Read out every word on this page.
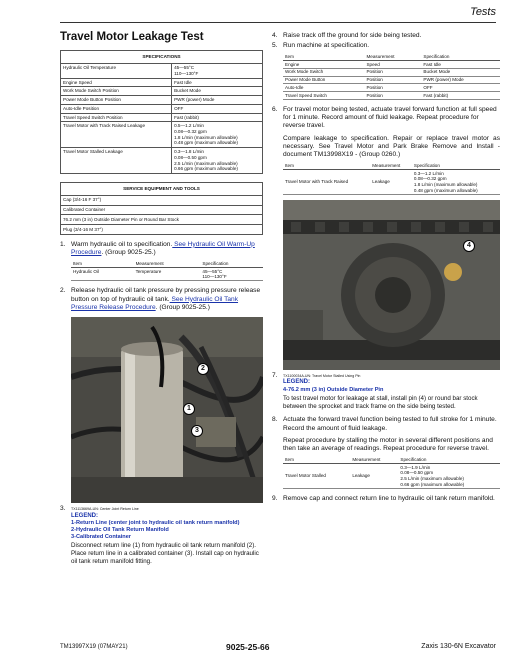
Tests
Travel Motor Leakage Test
SPECIFICATIONS	
Hydraulic Oil Temperature	45—55°C
110—130°F

Engine Speed	Fast Idle

Work Mode Switch Position	Bucket Mode

Power Mode Button Position	PWR (power) Mode

Auto-Idle Position	OFF

Travel Speed Switch Position	Fast (rabbit)

Travel Motor with Track Raised Leakage	0.5—1.2 L/min
0.08—0.32 gpm
1.8 L/min (maximum allowable)
0.48 gpm (maximum allowable)

Travel Motor Stalled Leakage	0.3—1.8 L/min
0.08—0.50 gpm
2.5 L/min (maximum allowable)
0.66 gpm (maximum allowable)
SERVICE EQUIPMENT AND TOOLS
Cap (3/4-16 F 37°)
Calibrated Container
76.2 mm (3 in) Outside Diameter Pin or Round Bar Stock
Plug (3/4-16 M 37°)
1. Warm hydraulic oil to specification. See Hydraulic Oil Warm-Up Procedure. (Group 9025-25.)
Item	Measurement	Specification
Hydraulic Oil	Temperature	45—55°C
110—130°F
2. Release hydraulic oil tank pressure by pressing pressure release button on top of hydraulic oil tank. See Hydraulic Oil Tank Pressure Release Procedure. (Group 9025-25.)
2
1
3
3.	TX1113669A-UN: Center Joint Return Line
LEGEND:
1-Return Line (center joint to hydraulic oil tank return manifold)
2-Hydraulic Oil Tank Return Manifold
3-Calibrated Container
Disconnect return line (1) from hydraulic oil tank return manifold (2). Place return line in a calibrated container (3). Install cap on hydraulic oil tank return manifold fitting.
4. Raise track off the ground for side being tested.
5. Run machine at specification.
Item	Measurement	Specification
Engine	Speed	Fast Idle
Work Mode Switch	Position	Bucket Mode
Power Mode Button	Position	PWR (power) Mode
Auto-Idle	Position	OFF
Travel Speed Switch	Position	Fast (rabbit)
6. For travel motor being tested, actuate travel forward function at full speed for 1 minute. Record amount of fluid leakage. Repeat procedure for reverse travel.
Compare leakage to specification. Repair or replace travel motor as necessary. See Travel Motor and Park Brake Remove and Install - document TM13998X19 - (Group 0260.)
Item	Measurement	Specification
Travel Motor with Track Raised	Leakage	0.3—1.2 L/min
0.08—0.32 gpm
1.8 L/min (maximum allowable)
0.48 gpm (maximum allowable)
4
7.	TX1100034A-UN: Travel Motor Stalled Using Pin
LEGEND:
4-76.2 mm (3 in) Outside Diameter Pin
To test travel motor for leakage at stall, install pin (4) or round bar stock between the sprocket and track frame on the side being tested.
8. Actuate the forward travel function being tested to full stroke for 1 minute. Record the amount of fluid leakage.
Repeat procedure by stalling the motor in several different positions and then take an average of readings. Repeat procedure for reverse travel.
Item	Measurement	Specification
Travel Motor Stalled	Leakage	0.3—1.9 L/min
0.08—0.50 gpm
2.5 L/min (maximum allowable)
0.66 gpm (maximum allowable)
9. Remove cap and connect return line to hydraulic oil tank return manifold.
TM13997X19 (07MAY21)	9025-25-66	Zaxis 130-6N Excavator
